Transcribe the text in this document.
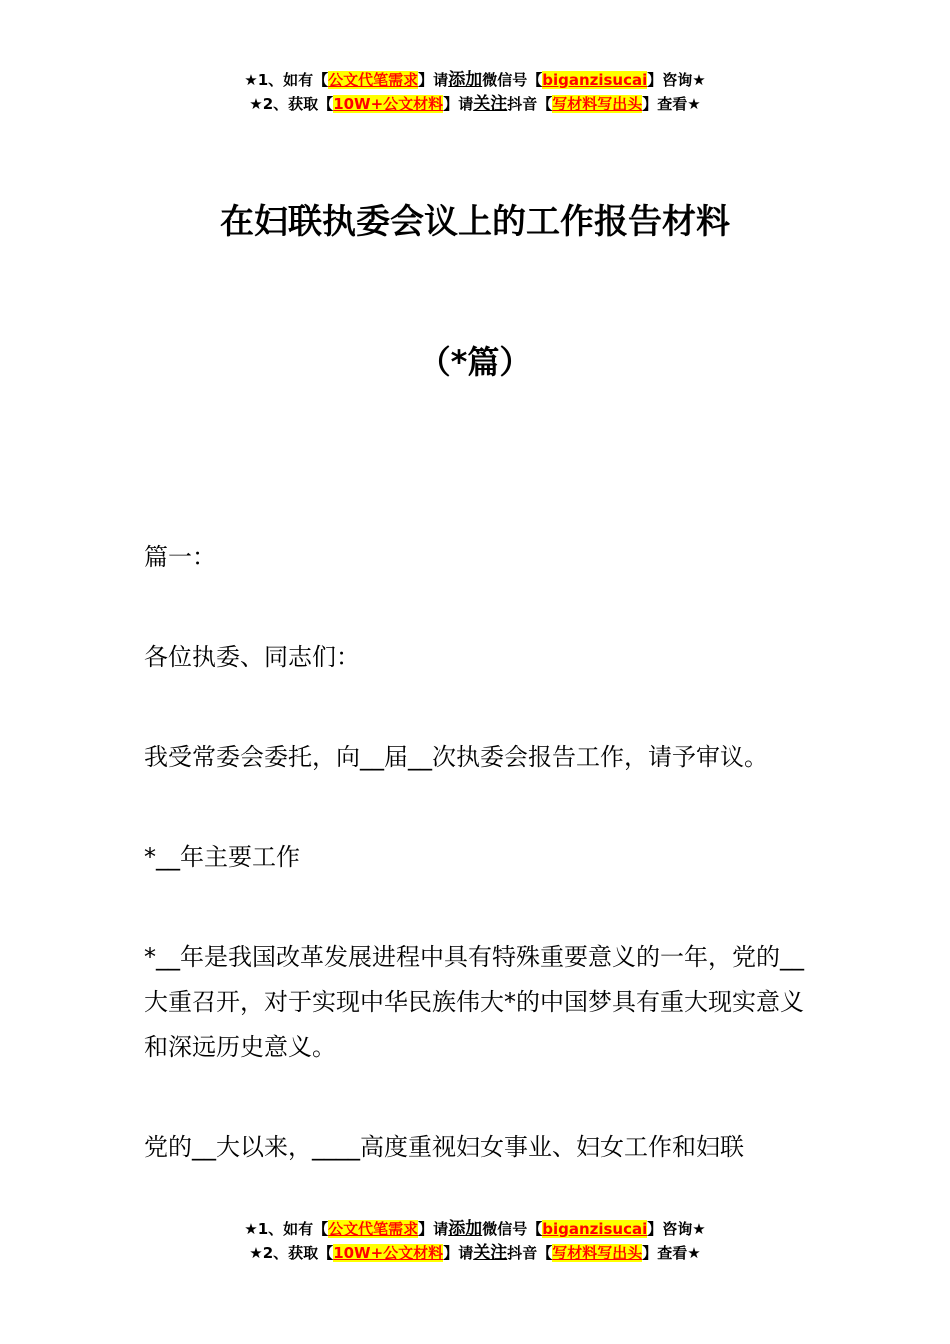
★1、如有【公文代笔需求】请添加微信号【biganzisucai】咨询★
★2、获取【10W+公文材料】请关注抖音【写材料写出头】查看★
在妇联执委会议上的工作报告材料
（*篇）

篇一：

各位执委、同志们：

我受常委会委托，向__届__次执委会报告工作，请予审议。

*__年主要工作

*__年是我国改革发展进程中具有特殊重要意义的一年，党的__大重召开，对于实现中华民族伟大*的中国梦具有重大现实意义和深远历史意义。

党的__大以来，____高度重视妇女事业、妇女工作和妇联

★1、如有【公文代笔需求】请添加微信号【biganzisucai】咨询★
★2、获取【10W+公文材料】请关注抖音【写材料写出头】查看★
